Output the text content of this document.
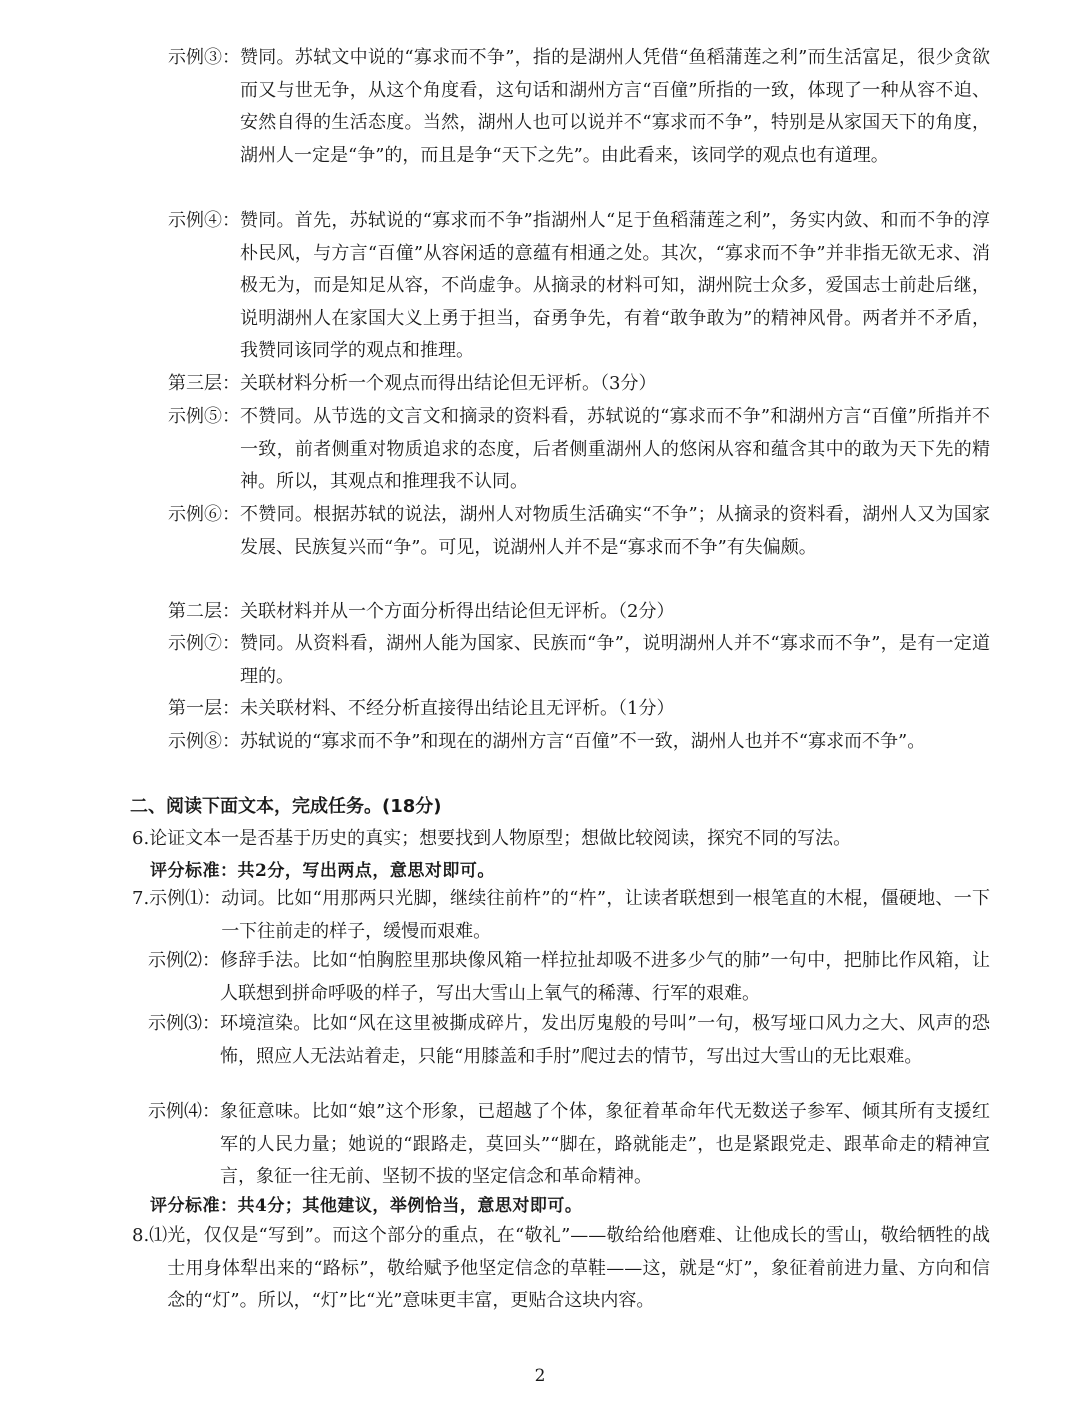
示例③： 赞同。苏轼文中说的“寡求而不争”，指的是湖州人凭借“鱼稻蒲莲之利”而生活富足，很少贪欲而又与世无争，从这个角度看，这句话和湖州方言“百僮”所指的一致，体现了一种从容不迫、安然自得的生活态度。当然，湖州人也可以说并不“寡求而不争”，特别是从家国天下的角度，湖州人一定是“争”的，而且是争“天下之先”。由此看来，该同学的观点也有道理。
示例④： 赞同。首先，苏轼说的“寡求而不争”指湖州人“足于鱼稻蒲莲之利”，务实内敛、和而不争的淳朴民风，与方言“百僮”从容闲适的意蕴有相通之处。其次，“寡求而不争”并非指无欲无求、消极无为，而是知足从容，不尚虚争。从摘录的材料可知，湖州院士众多，爱国志士前赴后继，说明湖州人在家国大义上勇于担当，奋勇争先，有着“敢争敢为”的精神风骨。两者并不矛盾，我赞同该同学的观点和推理。
第三层：关联材料分析一个观点而得出结论但无评析。（3分）
示例⑤： 不赞同。从节选的文言文和摘录的资料看，苏轼说的“寡求而不争”和湖州方言“百僮”所指并不一致，前者侧重对物质追求的态度，后者侧重湖州人的悠闲从容和蕴含其中的敢为天下先的精神。所以，其观点和推理我不认同。
示例⑥： 不赞同。根据苏轼的说法，湖州人对物质生活确实“不争”；从摘录的资料看，湖州人又为国家发展、民族复兴而“争”。可见，说湖州人并不是“寡求而不争”有失偏颇。
第二层：关联材料并从一个方面分析得出结论但无评析。（2分）
示例⑦： 赞同。从资料看，湖州人能为国家、民族而“争”，说明湖州人并不“寡求而不争”，是有一定道理的。
第一层：未关联材料、不经分析直接得出结论且无评析。（1分）
示例⑧： 苏轼说的“寡求而不争”和现在的湖州方言“百僮”不一致，湖州人也并不“寡求而不争”。
二、阅读下面文本，完成任务。(18分)
6.论证文本一是否基于历史的真实；想要找到人物原型；想做比较阅读，探究不同的写法。
评分标准：共2分，写出两点，意思对即可。
7.示例⑴： 动词。比如“用那两只光脚，继续往前杵”的“杵”，让读者联想到一根笔直的木棍，僵硬地、一下一下往前走的样子，缓慢而艰难。
示例⑵： 修辞手法。比如“怕胸腔里那块像风箱一样拉扯却吸不进多少气的肺”一句中，把肺比作风箱，让人联想到拼命呼吸的样子，写出大雪山上氧气的稀薄、行军的艰难。
示例⑶： 环境渲染。比如“风在这里被撕成碎片，发出厉鬼般的号叫”一句，极写垭口风力之大、风声的恐怖，照应人无法站着走，只能“用膝盖和手肘”爬过去的情节，写出过大雪山的无比艰难。
示例⑷： 象征意味。比如“娘”这个形象，已超越了个体，象征着革命年代无数送子参军、倾其所有支援红军的人民力量；她说的“跟路走，莫回头”“脚在，路就能走”，也是紧跟党走、跟革命走的精神宣言，象征一往无前、坚韧不拔的坚定信念和革命精神。
评分标准：共4分；其他建议，举例恰当，意思对即可。
8.⑴ 光，仅仅是“写到”。而这个部分的重点，在“敬礼”——敬给给他磨难、让他成长的雪山，敬给牺牲的战士用身体犁出来的“路标”，敬给赋予他坚定信念的草鞋——这，就是“灯”，象征着前进力量、方向和信念的“灯”。所以，“灯”比“光”意味更丰富，更贴合这块内容。
2
